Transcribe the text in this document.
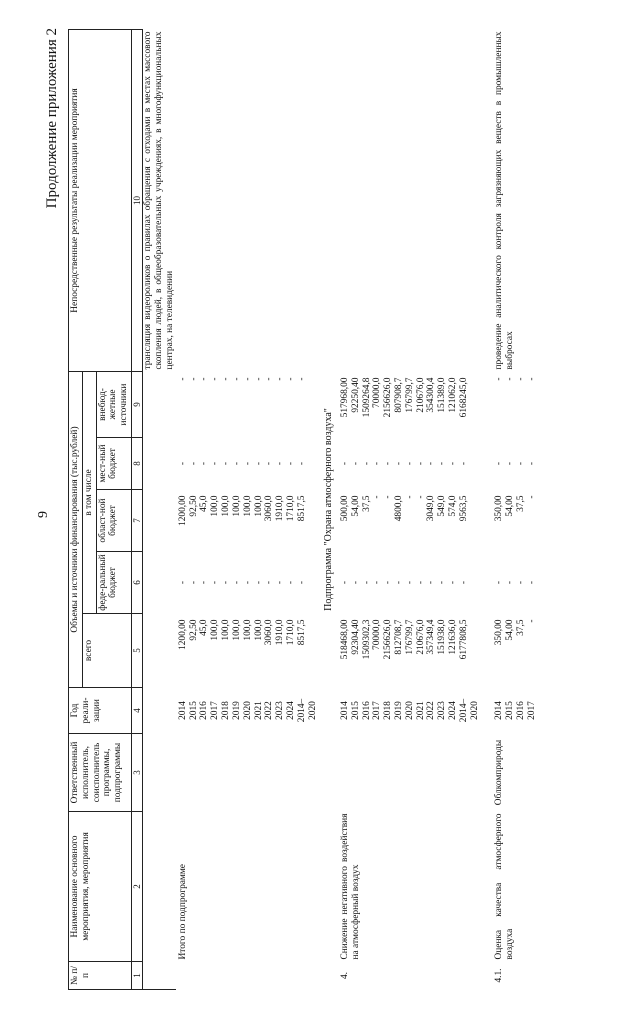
9
Продолжение приложения 2
№ п/п	Наименование основного мероприятия, мероприятия	Ответственный исполнитель, соисполнитель программы, подпрограммы	Год реали-зации	Объемы и источники финансирования (тыс.рублей)					Непосредственные результаты реализации мероприятия
				всего	в том числе				
					феде-ральный бюджет	област-ной бюджет	мест-ный бюджет	внебюд-жетные источники	
1	2	3	4	5	6	7	8	9	10
									трансляция видеороликов о правилах обращения с отходами в местах массового скопления людей, в общеобразовательных учреждениях, в многофункциональных центрах, на телевидении

	Итого по подпрограмме		2014	1200,00	-	1200,00	-	-	
			2015	92,50	-	92,50	-	-	
			2016	45,0	-	45,0	-	-	
			2017	100,0	-	100,0	-	-	
			2018	100,0	-	100,0	-	-	
			2019	100,0	-	100,0	-	-	
			2020	100,0	-	100,0	-	-	
			2021	100,0	-	100,0	-	-	
			2022	3060,0	-	3060,0	-	-	
			2023	1910,0	-	1910,0	-	-	
			2024	1710,0	-	1710,0	-	-	
			2014–2020	8517,5	-	8517,5	-	-	
Подпрограмма "Охрана атмосферного воздуха"									
4.	Снижение негативного воздействия на атмосферный воздух		2014	518468,00	-	500,00	-	517968,00	
			2015	92304,40	-	54,00	-	92250,40	
			2016	1509302,3	-	37,5	-	1509264,8	
			2017	70000,0	-	-	-	70000,0	
			2018	2156626,0	-	-	-	2156626,0	
			2019	812708,7	-	4800,0	-	807908,7	
			2020	176799,7	-	-	-	176799,7	
			2021	210676,0	-	-	-	210676,0	
			2022	357349,4	-	3049,0	-	354300,4	
			2023	151938,0	-	549,0	-	151389,0	
			2024	121636,0	-	574,0	-	121062,0	
			2014–2020	6177808,5	-	9563,5	-	6168245,0	

4.1.	Оценка качества атмосферного воздуха	Облкомприроды	2014	350,00	-	350,00	-	-	проведение аналитического контроля загрязняющих веществ в промышленных выбросах
			2015	54,00	-	54,00	-	-	
			2016	37,5	-	37,5	-	-	
			2017	-	-	-	-	-	
